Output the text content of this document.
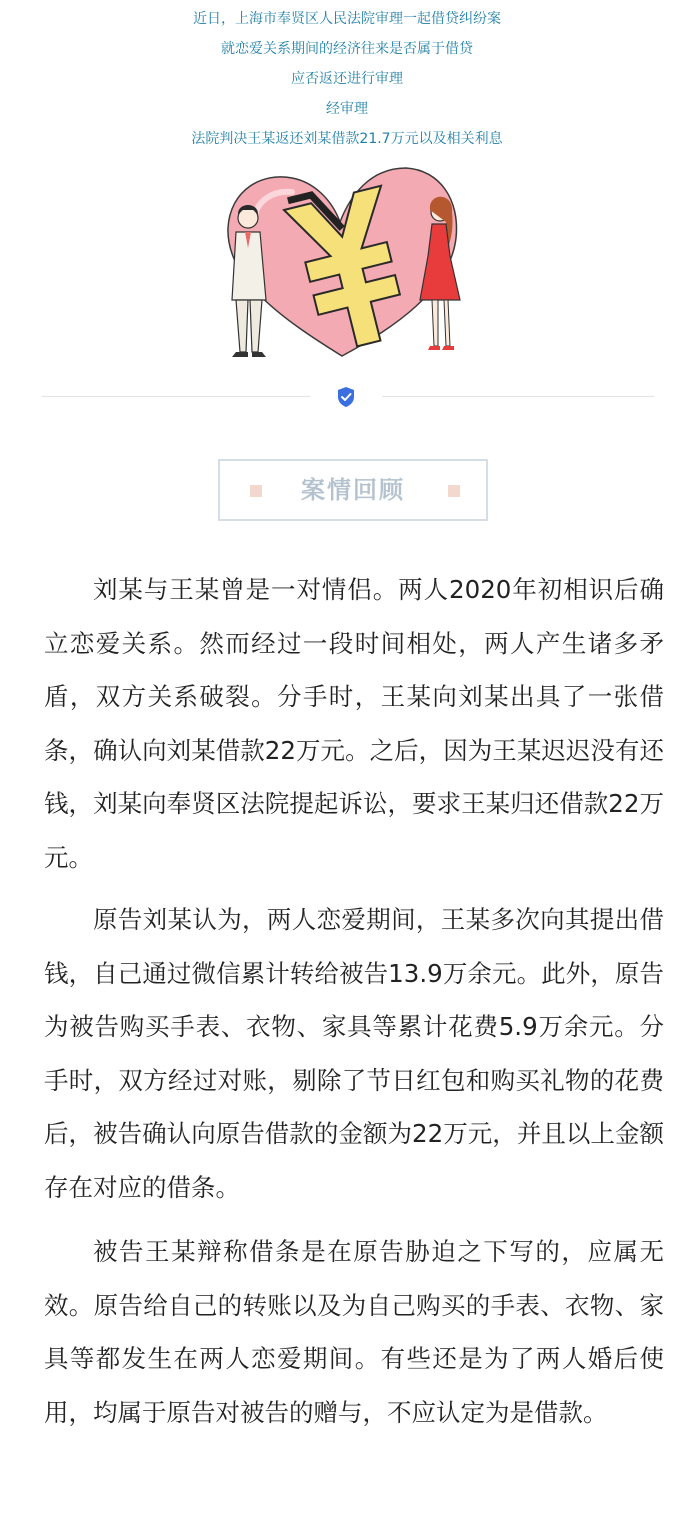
近日，上海市奉贤区人民法院审理一起借贷纠纷案
就恋爱关系期间的经济往来是否属于借贷
应否返还进行审理
经审理
法院判决王某返还刘某借款21.7万元以及相关利息
案情回顾

刘某与王某曾是一对情侣。两人2020年初相识后确立恋爱关系。然而经过一段时间相处，两人产生诸多矛盾，双方关系破裂。分手时，王某向刘某出具了一张借条，确认向刘某借款22万元。之后，因为王某迟迟没有还钱，刘某向奉贤区法院提起诉讼，要求王某归还借款22万元。

原告刘某认为，两人恋爱期间，王某多次向其提出借钱，自己通过微信累计转给被告13.9万余元。此外，原告为被告购买手表、衣物、家具等累计花费5.9万余元。分手时，双方经过对账，剔除了节日红包和购买礼物的花费后，被告确认向原告借款的金额为22万元，并且以上金额存在对应的借条。

被告王某辩称借条是在原告胁迫之下写的，应属无效。原告给自己的转账以及为自己购买的手表、衣物、家具等都发生在两人恋爱期间。有些还是为了两人婚后使用，均属于原告对被告的赠与，不应认定为是借款。
